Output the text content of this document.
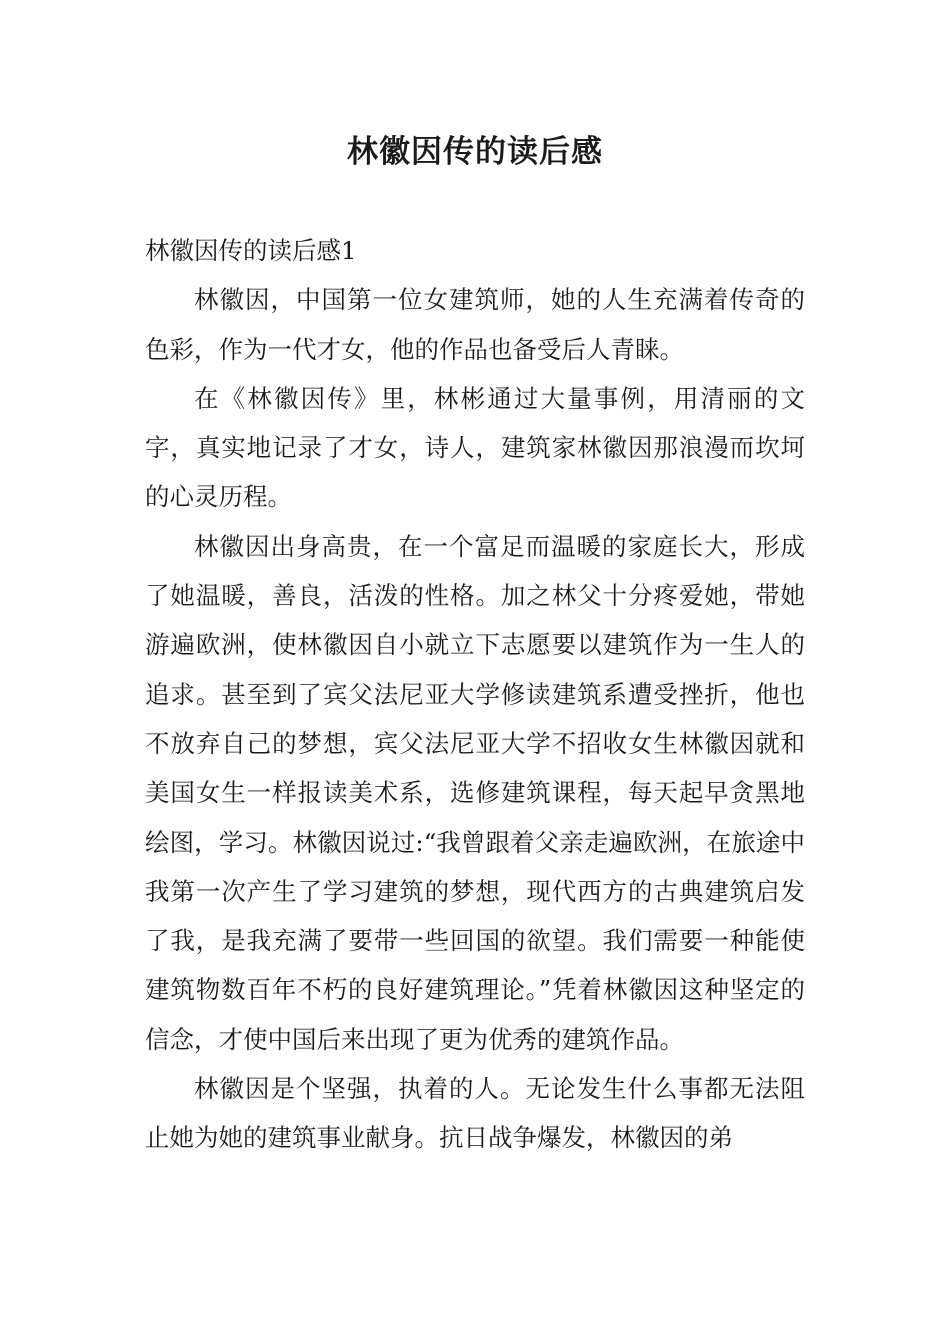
林徽因传的读后感

林徽因传的读后感1

林徽因，中国第一位女建筑师，她的人生充满着传奇的色彩，作为一代才女，他的作品也备受后人青睐。

在《林徽因传》里，林彬通过大量事例，用清丽的文字，真实地记录了才女，诗人，建筑家林徽因那浪漫而坎坷的心灵历程。

林徽因出身高贵，在一个富足而温暖的家庭长大，形成了她温暖，善良，活泼的性格。加之林父十分疼爱她，带她游遍欧洲，使林徽因自小就立下志愿要以建筑作为一生人的追求。甚至到了宾父法尼亚大学修读建筑系遭受挫折，他也不放弃自己的梦想，宾父法尼亚大学不招收女生林徽因就和美国女生一样报读美术系，选修建筑课程，每天起早贪黑地绘图，学习。林徽因说过:“我曾跟着父亲走遍欧洲，在旅途中我第一次产生了学习建筑的梦想，现代西方的古典建筑启发了我，是我充满了要带一些回国的欲望。我们需要一种能使建筑物数百年不朽的良好建筑理论。”凭着林徽因这种坚定的信念，才使中国后来出现了更为优秀的建筑作品。

林徽因是个坚强，执着的人。无论发生什么事都无法阻止她为她的建筑事业献身。抗日战争爆发，林徽因的弟
